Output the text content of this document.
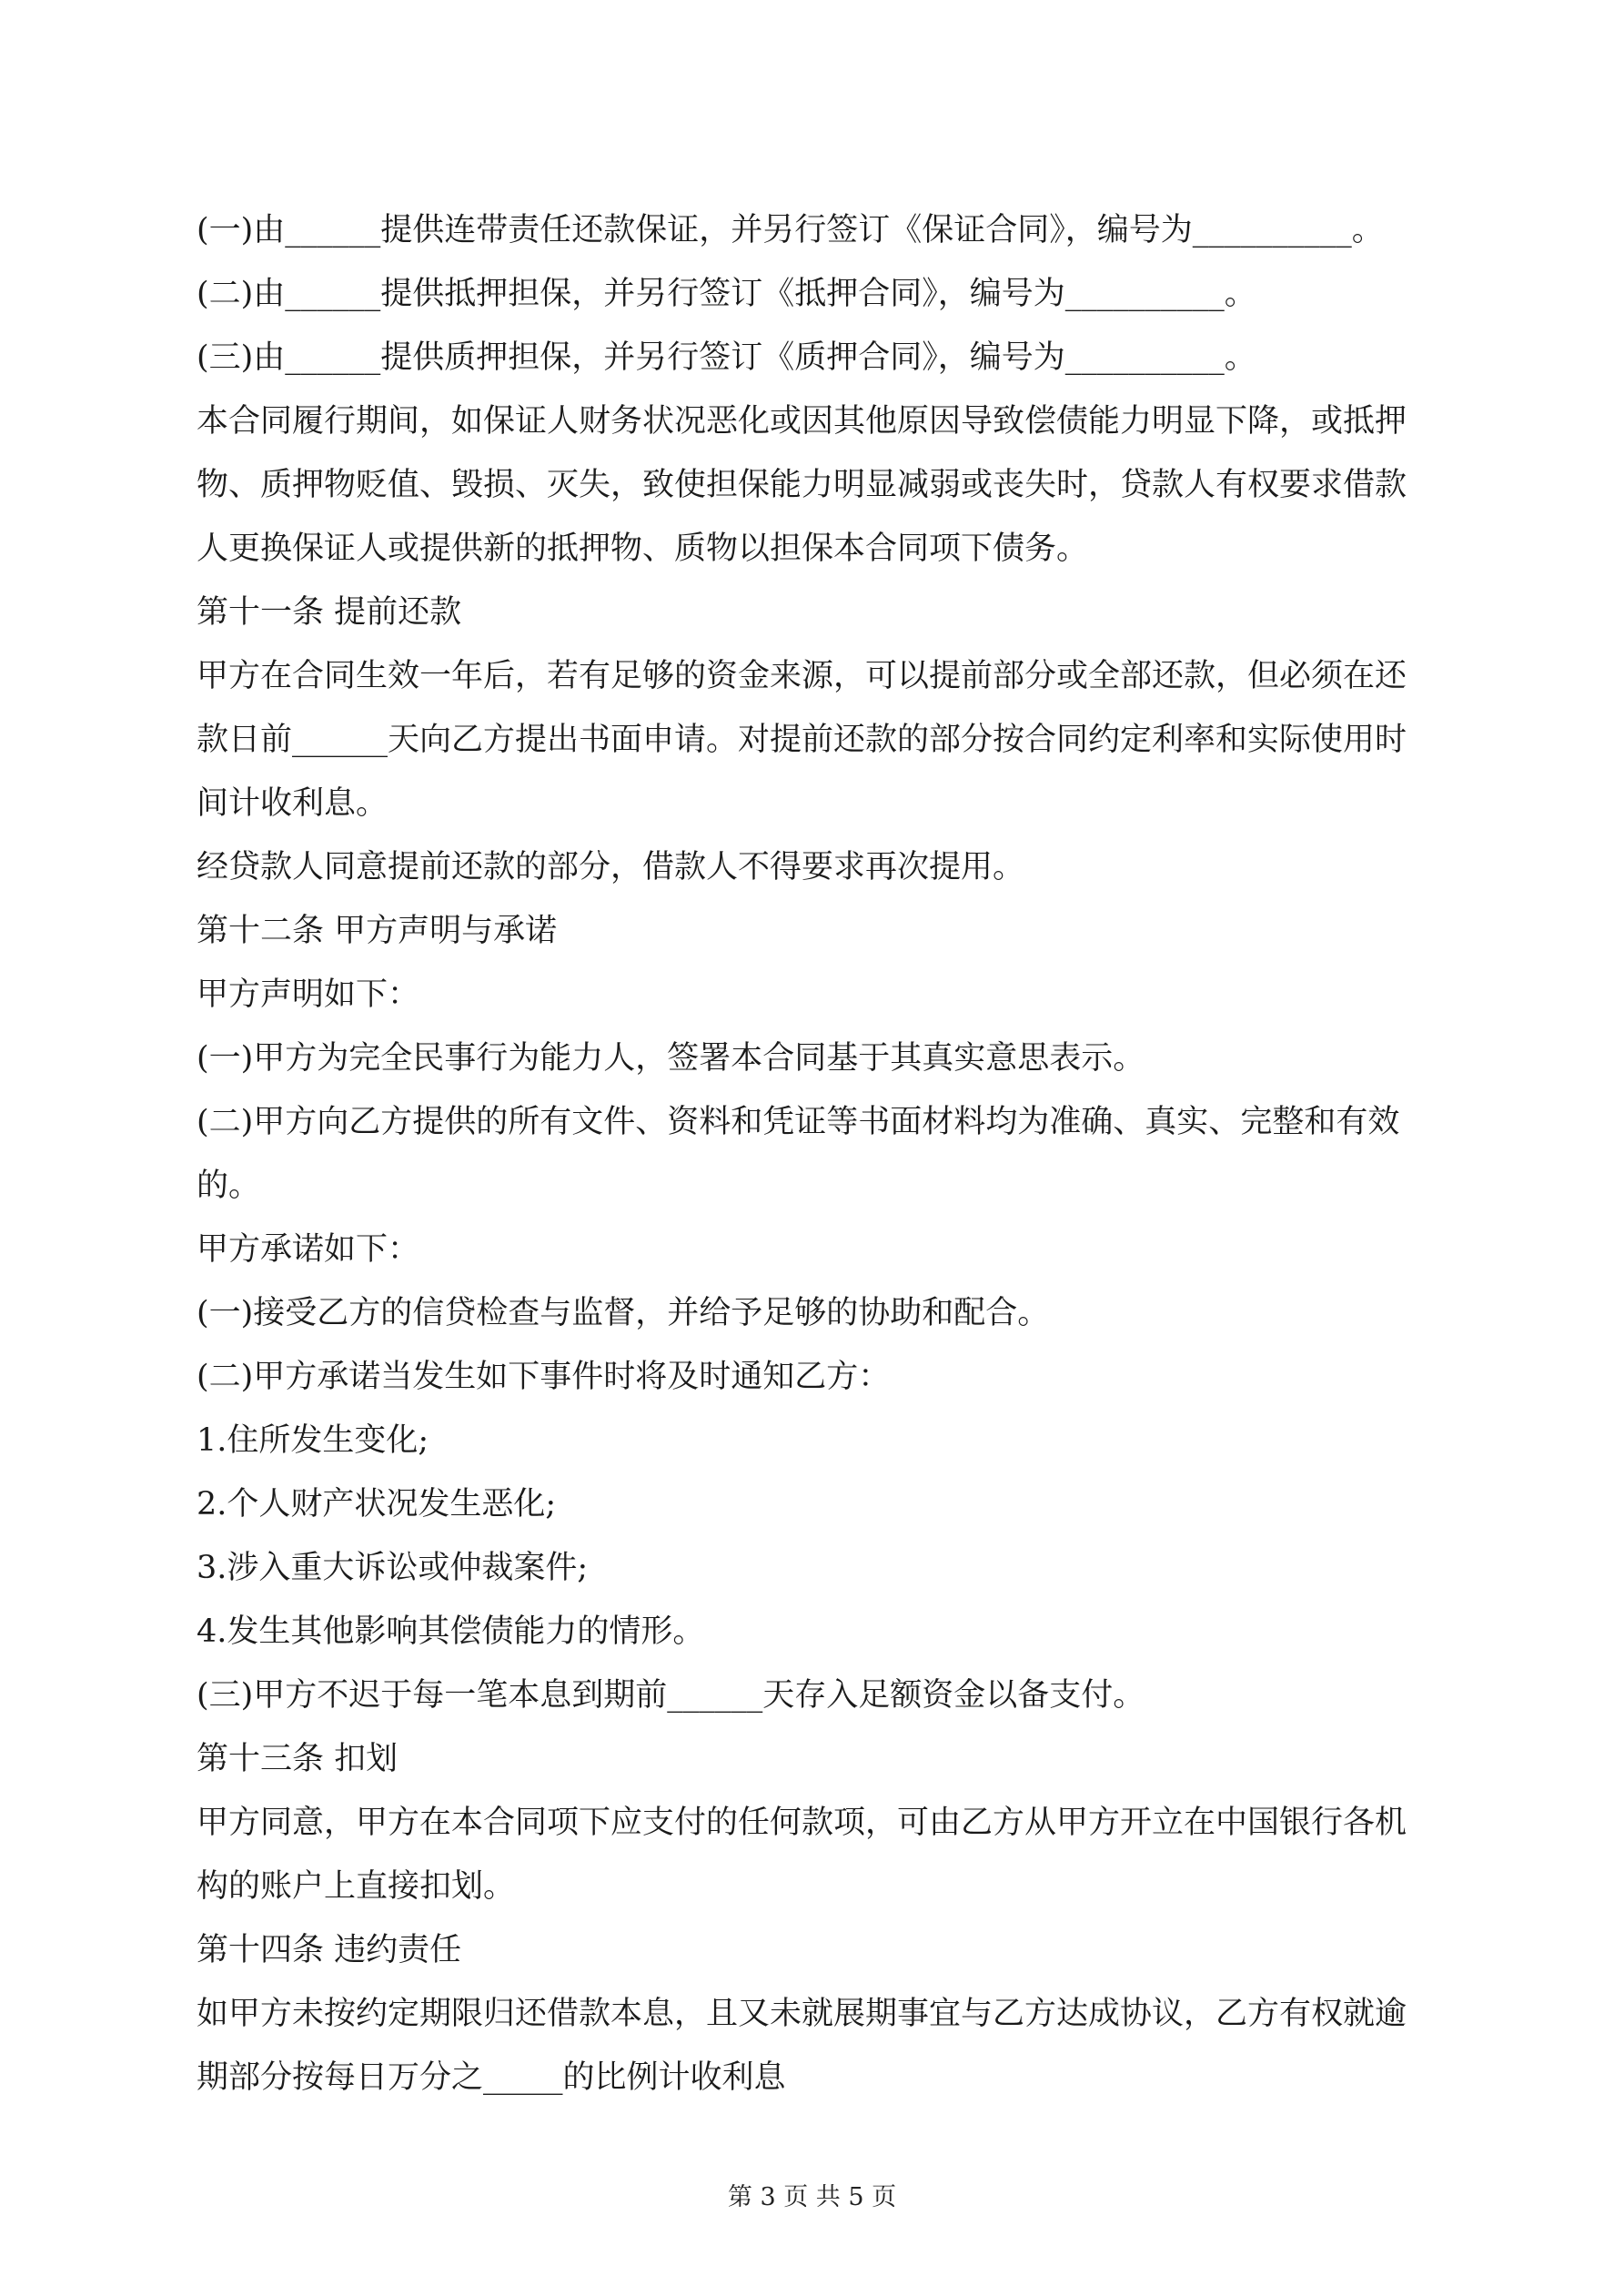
(一)由______提供连带责任还款保证，并另行签订《保证合同》，编号为__________。

(二)由______提供抵押担保，并另行签订《抵押合同》，编号为__________。

(三)由______提供质押担保，并另行签订《质押合同》，编号为__________。

本合同履行期间，如保证人财务状况恶化或因其他原因导致偿债能力明显下降，或抵押

物、质押物贬值、毁损、灭失，致使担保能力明显减弱或丧失时，贷款人有权要求借款

人更换保证人或提供新的抵押物、质物以担保本合同项下债务。

第十一条 提前还款

甲方在合同生效一年后，若有足够的资金来源，可以提前部分或全部还款，但必须在还

款日前______天向乙方提出书面申请。对提前还款的部分按合同约定利率和实际使用时

间计收利息。

经贷款人同意提前还款的部分，借款人不得要求再次提用。

第十二条 甲方声明与承诺

甲方声明如下：

(一)甲方为完全民事行为能力人，签署本合同基于其真实意思表示。

(二)甲方向乙方提供的所有文件、资料和凭证等书面材料均为准确、真实、完整和有效

的。

甲方承诺如下：

(一)接受乙方的信贷检查与监督，并给予足够的协助和配合。

(二)甲方承诺当发生如下事件时将及时通知乙方：

1.住所发生变化;

2.个人财产状况发生恶化;

3.涉入重大诉讼或仲裁案件;

4.发生其他影响其偿债能力的情形。

(三)甲方不迟于每一笔本息到期前______天存入足额资金以备支付。

第十三条 扣划

甲方同意，甲方在本合同项下应支付的任何款项，可由乙方从甲方开立在中国银行各机

构的账户上直接扣划。

第十四条 违约责任

如甲方未按约定期限归还借款本息，且又未就展期事宜与乙方达成协议，乙方有权就逾

期部分按每日万分之_____的比例计收利息

第 3 页 共 5 页
